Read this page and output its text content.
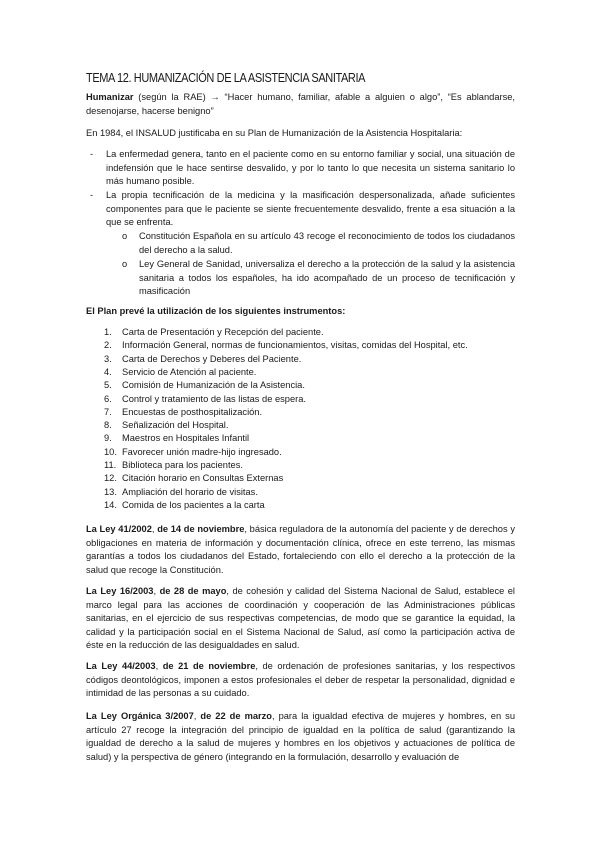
TEMA 12. HUMANIZACIÓN DE LA ASISTENCIA SANITARIA
Humanizar (según la RAE) → “Hacer humano, familiar, afable a alguien o algo”, “Es ablandarse, desenojarse, hacerse benigno”
En 1984, el INSALUD justificaba en su Plan de Humanización de la Asistencia Hospitalaria:
- La enfermedad genera, tanto en el paciente como en su entorno familiar y social, una situación de indefensión que le hace sentirse desvalido, y por lo tanto lo que necesita un sistema sanitario lo más humano posible.
- La propia tecnificación de la medicina y la masificación despersonalizada, añade suficientes componentes para que le paciente se siente frecuentemente desvalido, frente a esa situación a la que se enfrenta.
o Constitución Española en su artículo 43 recoge el reconocimiento de todos los ciudadanos del derecho a la salud.
o Ley General de Sanidad, universaliza el derecho a la protección de la salud y la asistencia sanitaria a todos los españoles, ha ido acompañado de un proceso de tecnificación y masificación
El Plan prevé la utilización de los siguientes instrumentos:
1.	Carta de Presentación y Recepción del paciente.
2.	Información General, normas de funcionamientos, visitas, comidas del Hospital, etc.
3.	Carta de Derechos y Deberes del Paciente.
4.	Servicio de Atención al paciente.
5.	Comisión de Humanización de la Asistencia.
6.	Control y tratamiento de las listas de espera.
7.	Encuestas de posthospitalización.
8.	Señalización del Hospital.
9.	Maestros en Hospitales Infantil
10. Favorecer unión madre-hijo ingresado.
11. Biblioteca para los pacientes.
12. Citación horario en Consultas Externas
13. Ampliación del horario de visitas.
14. Comida de los pacientes a la carta
La Ley 41/2002, de 14 de noviembre, básica reguladora de la autonomía del paciente y de derechos y obligaciones en materia de información y documentación clínica, ofrece en este terreno, las mismas garantías a todos los ciudadanos del Estado, fortaleciendo con ello el derecho a la protección de la salud que recoge la Constitución.
La Ley 16/2003, de 28 de mayo, de cohesión y calidad del Sistema Nacional de Salud, establece el marco legal para las acciones de coordinación y cooperación de las Administraciones públicas sanitarias, en el ejercicio de sus respectivas competencias, de modo que se garantice la equidad, la calidad y la participación social en el Sistema Nacional de Salud, así como la participación activa de éste en la reducción de las desigualdades en salud.
La Ley 44/2003, de 21 de noviembre, de ordenación de profesiones sanitarias, y los respectivos códigos deontológicos, imponen a estos profesionales el deber de respetar la personalidad, dignidad e intimidad de las personas a su cuidado.
La Ley Orgánica 3/2007, de 22 de marzo, para la igualdad efectiva de mujeres y hombres, en su artículo 27 recoge la integración del principio de igualdad en la política de salud (garantizando la igualdad de derecho a la salud de mujeres y hombres en los objetivos y actuaciones de política de salud) y la perspectiva de género (integrando en la formulación, desarrollo y evaluación de
